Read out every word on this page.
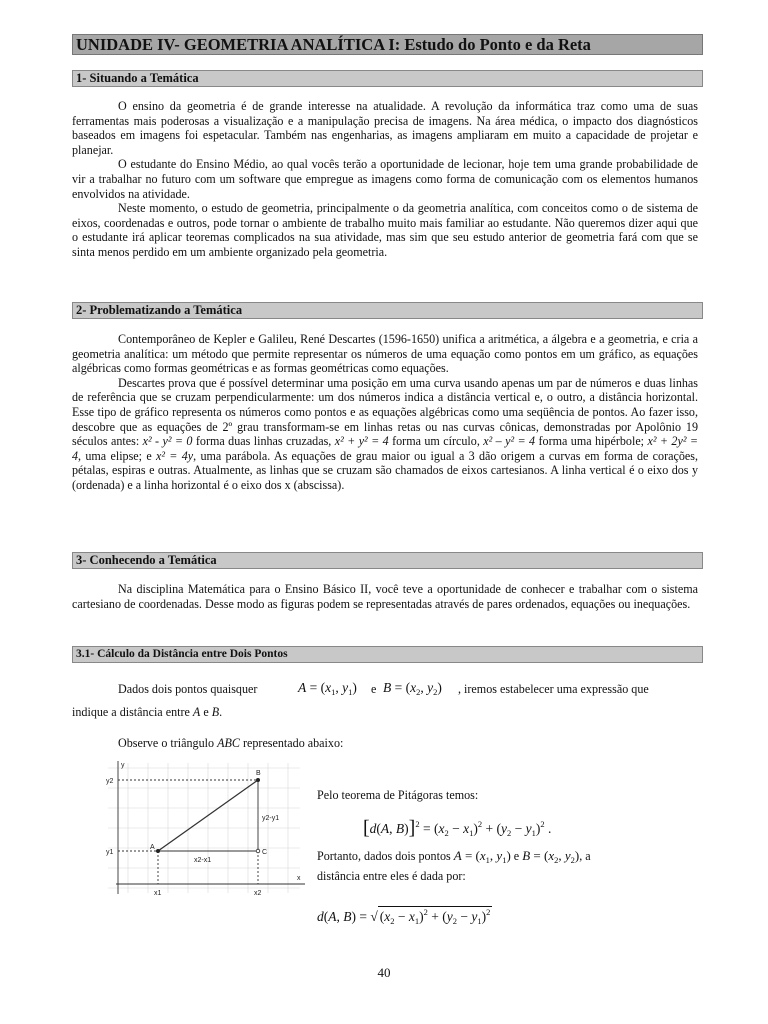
UNIDADE IV- GEOMETRIA ANALÍTICA I: Estudo do Ponto e da Reta
1- Situando a Temática

O ensino da geometria é de grande interesse na atualidade. A revolução da informática traz como uma de suas ferramentas mais poderosas a visualização e a manipulação precisa de imagens. Na área médica, o impacto dos diagnósticos baseados em imagens foi espetacular. Também nas engenharias, as imagens ampliaram em muito a capacidade de projetar e planejar.

O estudante do Ensino Médio, ao qual vocês terão a oportunidade de lecionar, hoje tem uma grande probabilidade de vir a trabalhar no futuro com um software que empregue as imagens como forma de comunicação com os elementos humanos envolvidos na atividade.

Neste momento, o estudo de geometria, principalmente o da geometria analítica, com conceitos como o de sistema de eixos, coordenadas e outros, pode tornar o ambiente de trabalho muito mais familiar ao estudante. Não queremos dizer aqui que o estudante irá aplicar teoremas complicados na sua atividade, mas sim que seu estudo anterior de geometria fará com que se sinta menos perdido em um ambiente organizado pela geometria.

2- Problematizando a Temática

Contemporâneo de Kepler e Galileu, René Descartes (1596-1650) unifica a aritmética, a álgebra e a geometria, e cria a geometria analítica: um método que permite representar os números de uma equação como pontos em um gráfico, as equações algébricas como formas geométricas e as formas geométricas como equações.

Descartes prova que é possível determinar uma posição em uma curva usando apenas um par de números e duas linhas de referência que se cruzam perpendicularmente: um dos números indica a distância vertical e, o outro, a distância horizontal. Esse tipo de gráfico representa os números como pontos e as equações algébricas como uma seqüência de pontos. Ao fazer isso, descobre que as equações de 2º grau transformam-se em linhas retas ou nas curvas cônicas, demonstradas por Apolônio 19 séculos antes: x² - y² = 0 forma duas linhas cruzadas, x² + y² = 4 forma um círculo, x² – y² = 4 forma uma hipérbole; x² + 2y² = 4, uma elipse; e x² = 4y, uma parábola. As equações de grau maior ou igual a 3 dão origem a curvas em forma de corações, pétalas, espiras e outras. Atualmente, as linhas que se cruzam são chamados de eixos cartesianos. A linha vertical é o eixo dos y (ordenada) e a linha horizontal é o eixo dos x (abscissa).

3- Conhecendo a Temática

Na disciplina Matemática para o Ensino Básico II, você teve a oportunidade de conhecer e trabalhar com o sistema cartesiano de coordenadas. Desse modo as figuras podem se representadas através de pares ordenados, equações ou inequações.

3.1- Cálculo da Distância entre Dois Pontos
Dados dois pontos quaisquer	$A = (x_1$, $y_1$) e $B = (x_2$, $y_2$) , iremos estabelecer uma expressão que
indique a distância entre A e B.
Observe o triângulo ABC representado abaixo:
y
x
y2
y1
x1	x2
A
B
C
y2-y1
x2-x1
Pelo teorema de Pitágoras temos:
[d(A, $B)]^2 = (x_2 - x_1)^2 + (y_2 - y_1)^2$ .
Portanto, dados dois pontos $A = (x_1$, $y_1$) e $B = (x_2$, $y_2$), a
distância entre eles é dada por:
d(A, B) = √ $(x_2 - x_1)^2 + (y_2 - y_1)^2$
40
